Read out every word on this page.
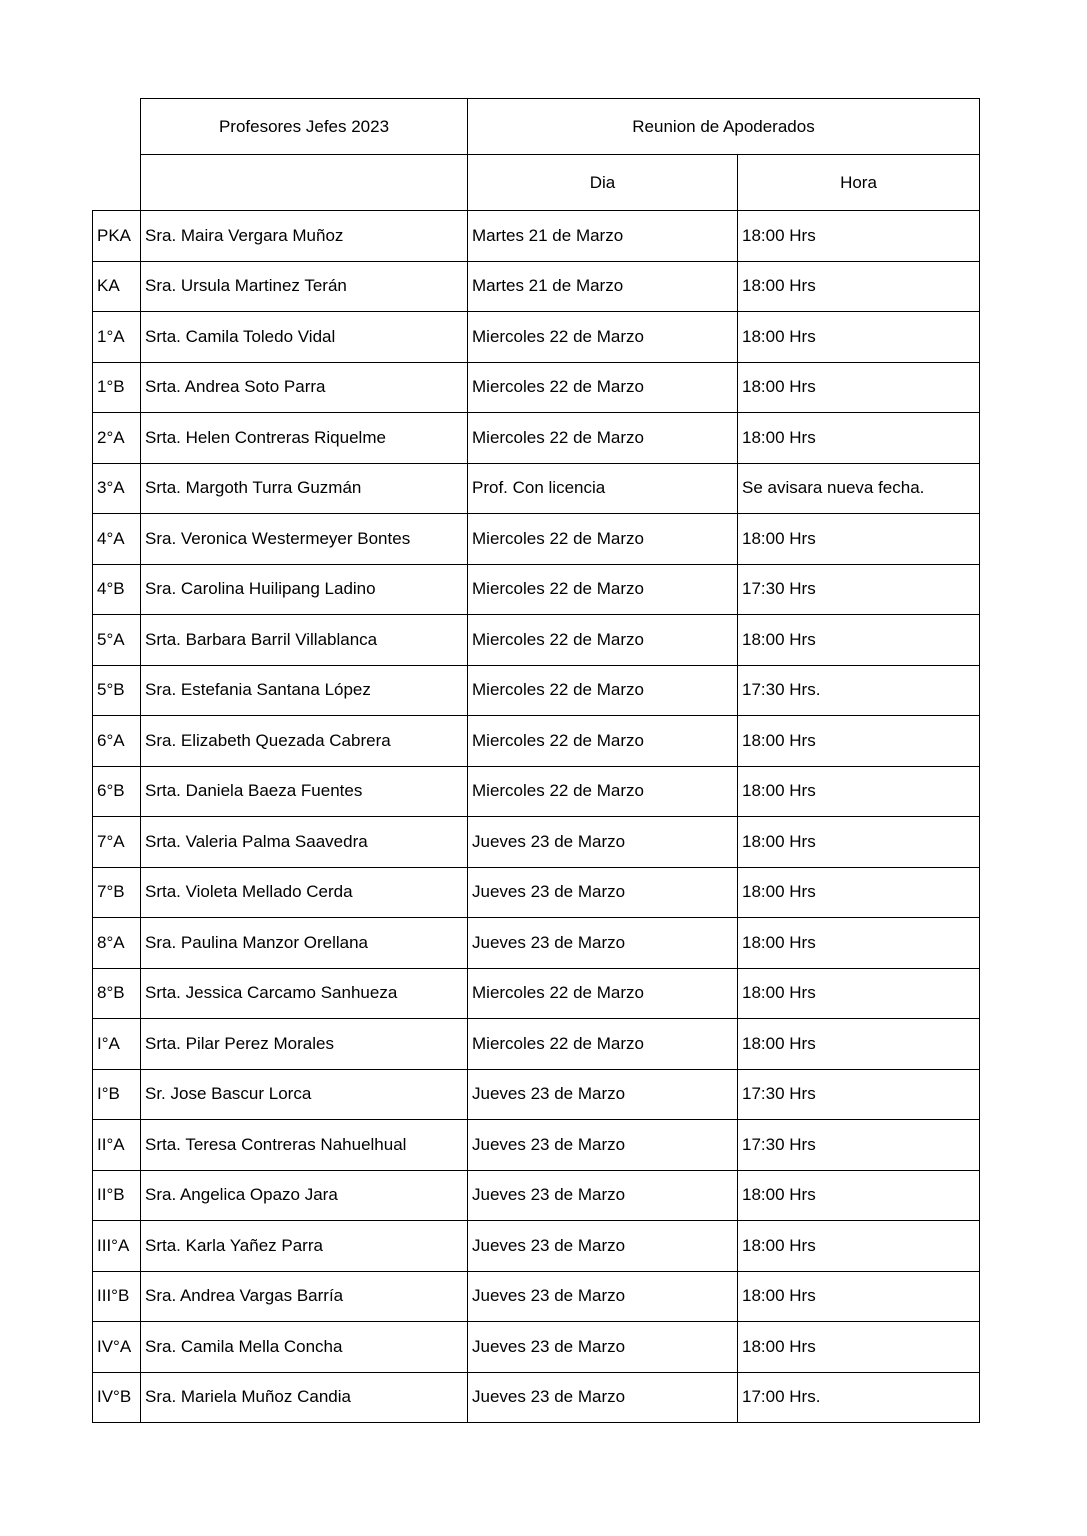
	Profesores Jefes 2023	Reunion de Apoderados	
		Dia	Hora
PKA	Sra. Maira Vergara Muñoz	Martes 21 de Marzo	18:00 Hrs
KA	Sra. Ursula Martinez Terán	Martes 21 de Marzo	18:00 Hrs
1°A	Srta. Camila Toledo Vidal	Miercoles 22 de Marzo	18:00 Hrs
1°B	Srta. Andrea Soto Parra	Miercoles 22 de Marzo	18:00 Hrs
2°A	Srta. Helen Contreras Riquelme	Miercoles 22 de Marzo	18:00 Hrs
3°A	Srta. Margoth Turra Guzmán	Prof. Con licencia	Se avisara nueva fecha.
4°A	Sra. Veronica Westermeyer Bontes	Miercoles 22 de Marzo	18:00 Hrs
4°B	Sra. Carolina Huilipang Ladino	Miercoles 22 de Marzo	17:30 Hrs
5°A	Srta. Barbara Barril Villablanca	Miercoles 22 de Marzo	18:00 Hrs
5°B	Sra. Estefania Santana López	Miercoles 22 de Marzo	17:30 Hrs.
6°A	Sra. Elizabeth Quezada Cabrera	Miercoles 22 de Marzo	18:00 Hrs
6°B	Srta. Daniela Baeza Fuentes	Miercoles 22 de Marzo	18:00 Hrs
7°A	Srta. Valeria Palma Saavedra	Jueves 23 de Marzo	18:00 Hrs
7°B	Srta. Violeta Mellado Cerda	Jueves 23 de Marzo	18:00 Hrs
8°A	Sra. Paulina Manzor Orellana	Jueves 23 de Marzo	18:00 Hrs
8°B	Srta. Jessica Carcamo Sanhueza	Miercoles 22 de Marzo	18:00 Hrs
I°A	Srta. Pilar Perez Morales	Miercoles 22 de Marzo	18:00 Hrs
I°B	Sr. Jose Bascur Lorca	Jueves 23 de Marzo	17:30 Hrs
II°A	Srta. Teresa Contreras Nahuelhual	Jueves 23 de Marzo	17:30 Hrs
II°B	Sra. Angelica Opazo Jara	Jueves 23 de Marzo	18:00 Hrs
III°A	Srta. Karla Yañez Parra	Jueves 23 de Marzo	18:00 Hrs
III°B	Sra. Andrea Vargas Barría	Jueves 23 de Marzo	18:00 Hrs
IV°A	Sra. Camila Mella Concha	Jueves 23 de Marzo	18:00 Hrs
IV°B	Sra. Mariela Muñoz Candia	Jueves 23 de Marzo	17:00 Hrs.
